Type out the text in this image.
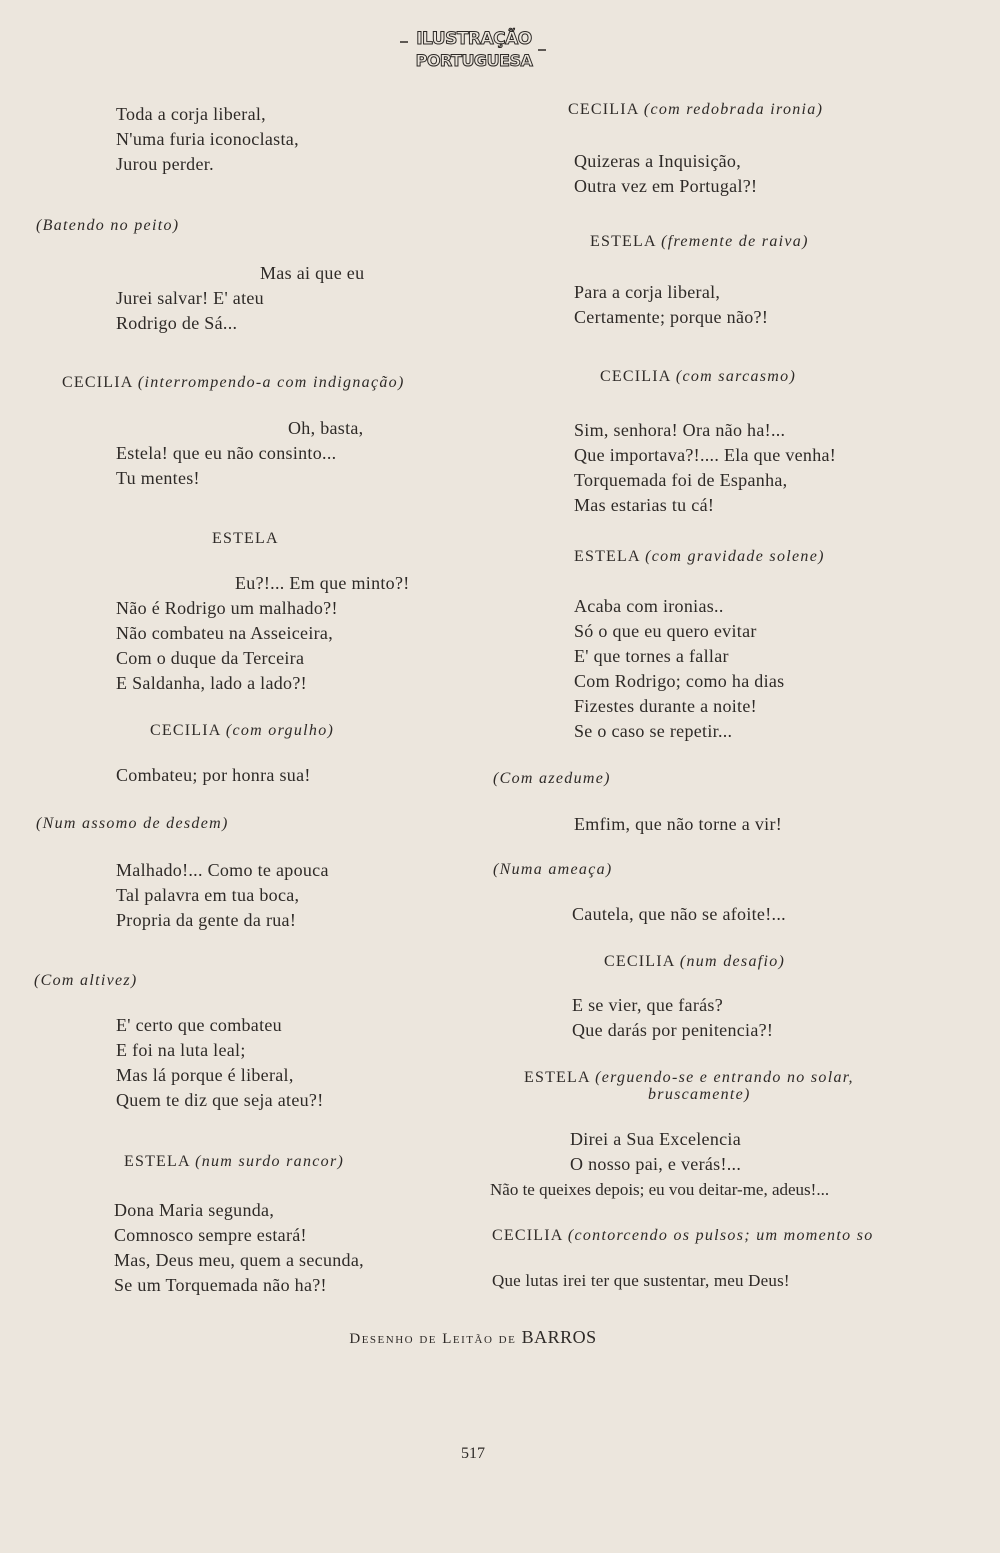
ILUSTRAÇÃO
PORTUGUESA
Toda a corja liberal,
N'uma furia iconoclasta,
Jurou perder.
(Batendo no peito)
Mas ai que eu
Jurei salvar! E' ateu
Rodrigo de Sá...
CECILIA (interrompendo-a com indignação)
Oh, basta,
Estela! que eu não consinto...
Tu mentes!
ESTELA
Eu?!... Em que minto?!
Não é Rodrigo um malhado?!
Não combateu na Asseiceira,
Com o duque da Terceira
E Saldanha, lado a lado?!
CECILIA (com orgulho)
Combateu; por honra sua!
(Num assomo de desdem)
Malhado!... Como te apouca
Tal palavra em tua boca,
Propria da gente da rua!
(Com altivez)
E' certo que combateu
E foi na luta leal;
Mas lá porque é liberal,
Quem te diz que seja ateu?!
ESTELA (num surdo rancor)
Dona Maria segunda,
Comnosco sempre estará!
Mas, Deus meu, quem a secunda,
Se um Torquemada não ha?!
CECILIA (com redobrada ironia)
Quizeras a Inquisição,
Outra vez em Portugal?!
ESTELA (fremente de raiva)
Para a corja liberal,
Certamente; porque não?!
CECILIA (com sarcasmo)
Sim, senhora! Ora não ha!...
Que importava?!.... Ela que venha!
Torquemada foi de Espanha,
Mas estarias tu cá!
ESTELA (com gravidade solene)
Acaba com ironias..
Só o que eu quero evitar
E' que tornes a fallar
Com Rodrigo; como ha dias
Fizestes durante a noite!
Se o caso se repetir...
(Com azedume)
Emfim, que não torne a vir!
(Numa ameaça)
Cautela, que não se afoite!...
CECILIA (num desafio)
E se vier, que farás?
Que darás por penitencia?!
ESTELA (erguendo-se e entrando no solar,
bruscamente)
Direi a Sua Excelencia
O nosso pai, e verás!...
Não te queixes depois; eu vou deitar-me, adeus!...
CECILIA (contorcendo os pulsos; um momento so
Que lutas irei ter que sustentar, meu Deus!
Desenho de Leitão de BARROS
517
